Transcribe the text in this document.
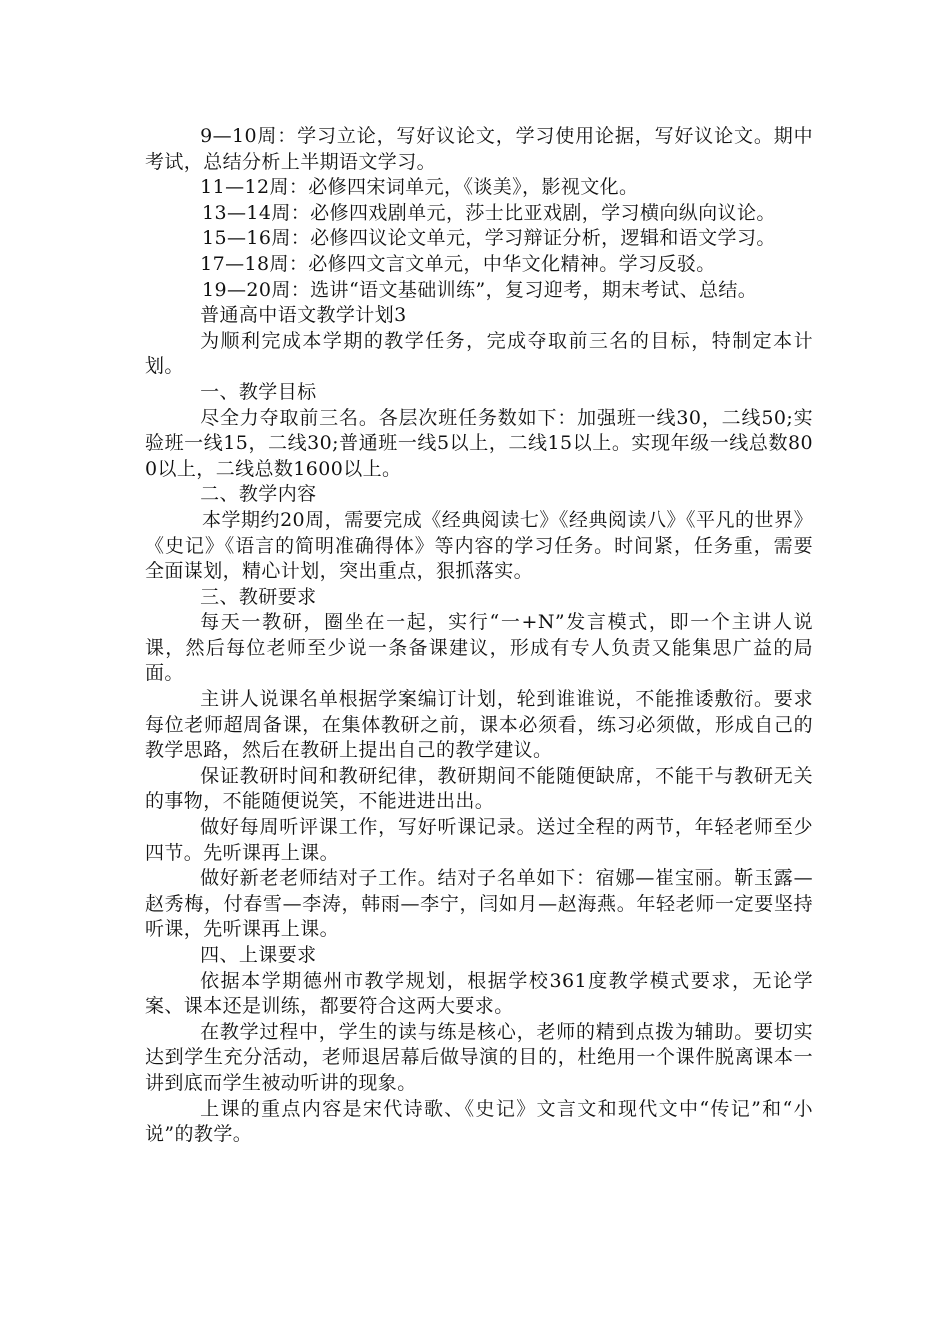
9—10周：学习立论，写好议论文，学习使用论据，写好议论文。期中考试，总结分析上半期语文学习。

11—12周：必修四宋词单元，《谈美》，影视文化。

13—14周：必修四戏剧单元，莎士比亚戏剧，学习横向纵向议论。

15—16周：必修四议论文单元，学习辩证分析，逻辑和语文学习。

17—18周：必修四文言文单元，中华文化精神。学习反驳。

19—20周：选讲“语文基础训练”，复习迎考，期末考试、总结。

普通高中语文教学计划3

为顺利完成本学期的教学任务，完成夺取前三名的目标，特制定本计划。

一、教学目标

尽全力夺取前三名。各层次班任务数如下：加强班一线30，二线50;实验班一线15，二线30;普通班一线5以上，二线15以上。实现年级一线总数800以上，二线总数1600以上。

二、教学内容

本学期约20周，需要完成《经典阅读七》《经典阅读八》《平凡的世界》《史记》《语言的简明准确得体》等内容的学习任务。时间紧，任务重，需要全面谋划，精心计划，突出重点，狠抓落实。

三、教研要求

每天一教研，圈坐在一起，实行“一+N”发言模式，即一个主讲人说课，然后每位老师至少说一条备课建议，形成有专人负责又能集思广益的局面。

主讲人说课名单根据学案编订计划，轮到谁谁说，不能推诿敷衍。要求每位老师超周备课，在集体教研之前，课本必须看，练习必须做，形成自己的教学思路，然后在教研上提出自己的教学建议。

保证教研时间和教研纪律，教研期间不能随便缺席，不能干与教研无关的事物，不能随便说笑，不能进进出出。

做好每周听评课工作，写好听课记录。送过全程的两节，年轻老师至少四节。先听课再上课。

做好新老老师结对子工作。结对子名单如下：宿娜—崔宝丽。靳玉露—赵秀梅，付春雪—李涛，韩雨—李宁，闫如月—赵海燕。年轻老师一定要坚持听课，先听课再上课。

四、上课要求

依据本学期德州市教学规划，根据学校361度教学模式要求，无论学案、课本还是训练，都要符合这两大要求。

在教学过程中，学生的读与练是核心，老师的精到点拨为辅助。要切实达到学生充分活动，老师退居幕后做导演的目的，杜绝用一个课件脱离课本一讲到底而学生被动听讲的现象。

上课的重点内容是宋代诗歌、《史记》文言文和现代文中“传记”和“小说”的教学。
